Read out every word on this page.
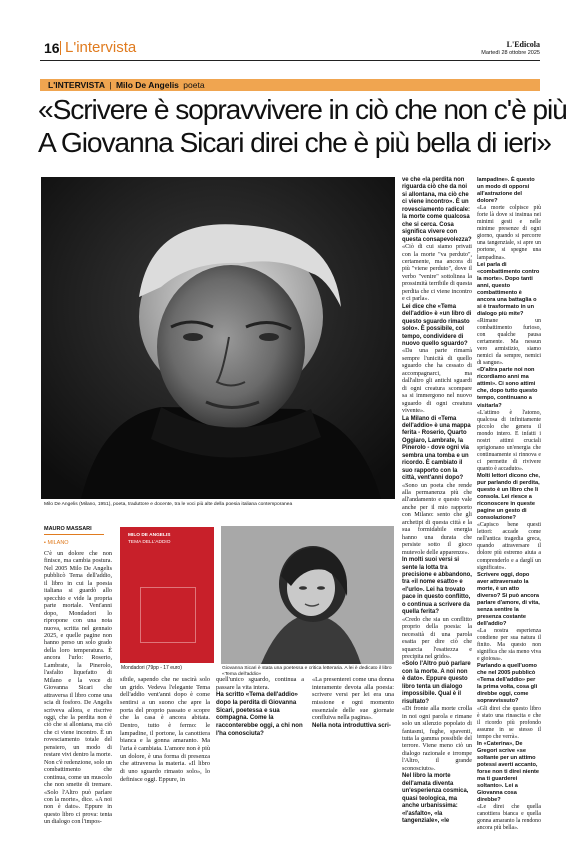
16 L'intervista	L'Edicola
Martedì 28 ottobre 2025
L'INTERVISTA | Milo De Angelis poeta
«Scrivere è sopravvivere in ciò che non c'è più
A Giovanna Sicari direi che è più bella di ieri»
Milo De Angelis (Milano, 1951), poeta, traduttore e docente, tra le voci più alte della poesia italiana contemporanea
MAURO MASSARI
▪ MILANO

C'è un dolore che non finisce, ma cambia postura. Nel 2005 Milo De Angelis pubblicò Tema dell'addio, il libro in cui la poesia italiana si guardò allo specchio e vide la propria parte mortale. Vent'anni dopo, Mondadori lo ripropone con una nota nuova, scritta nel gennaio 2025, e quelle pagine non hanno perso un solo grado della loro temperatura. È ancora l'urlo: Roserio, Lambrate, la Pinerolo, l'asfalto liquefatto di Milano e la voce di Giovanna Sicari che attraversa il libro come una scia di fosforo. De Angelis scriveva allora, e riscrive oggi, che la perdita non è ciò che si allontana, ma ciò che ci viene incontro. È un rovesciamento totale del pensiero, un modo di restare vivi dentro la morte. Non c'è redenzione, solo un combattimento che continua, come un muscolo che non smette di tremare. «Solo l'Altro può parlare con la morte», dice. «A noi non è dato». Eppure in questo libro ci prova: tenta un dialogo con l'impos-

MILO DE ANGELIS
TEMA DELL'ADDIO
Mondadori (79pp - 17 euro)	Giovanna Sicari è stata una poetessa e critica letteraria. A lei è dedicato il libro «Tema dell'addio»

sibile, sapendo che ne uscirà solo un grido. Vedeva l'elegante Tema dell'addio vent'anni dopo è come sentirsi a un suono che apre la porta del proprio passato e scopre che la casa è ancora abitata. Dentro, tutto è fermo: le lampadine, il portone, la canottiera bianca e la gonna amaranto. Ma l'aria è cambiata. L'amore non è più un dolore, è una forma di presenza che attraversa la materia. «Il libro di uno sguardo rimasto solo», lo definisce oggi. Eppure, in

quell'unico sguardo, continua a passare la vita intera.

Ha scritto «Tema dell'addio» dopo la perdita di Giovanna Sicari, poetessa e sua compagna. Come la racconterebbe oggi, a chi non l'ha conosciuta?

«La presenterei come una donna interamente devota alla poesia: scrivere versi per lei era una missione e ogni momento essenziale delle sue giornate confluiva nella pagina».

Nella nota introduttiva scri-

ve che «la perdita non riguarda ciò che da noi si allontana, ma ciò che ci viene incontro». È un rovesciamento radicale: la morte come qualcosa che si cerca. Cosa significa vivere con questa consapevolezza?

«Ciò di cui siamo privati con la morte "va perduto", certamente, ma ancora di più "viene perduto", dove il verbo "venire" sottolinea la prossimità terribile di questa perdita che ci viene incontro e ci parla».

Lei dice che «Tema dell'addio» è «un libro di questo sguardo rimasto solo». È possibile, col tempo, condividere di nuovo quello sguardo?

«Da una parte rimarrà sempre l'unicità di quello sguardo che ha cessato di accompagnarci, ma dall'altro gli antichi sguardi di ogni creatura scompare sa si immergono nel nuovo sguardo di ogni creatura vivente».

La Milano di «Tema dell'addio» è una mappa ferita - Roserio, Quarto Oggiaro, Lambrate, la Pinerolo - dove ogni via sembra una tomba e un ricordo. È cambiato il suo rapporto con la città, vent'anni dopo?

«Sono un poeta che rende alla permanenza più che all'andamento e questo vale anche per il mio rapporto con Milano: sento che gli archetipi di questa città e la sua formidabile energia hanno una durata che persiste sotto il gioco mutevole delle apparenze».

In molti suoi versi si sente la lotta tra precisione e abbandono, tra «il nome esatto» e «l'urlo». Lei ha trovato pace in questo conflitto, o continua a scrivere da quella ferita?

«Credo che sia un conflitto proprio della poesia: la necessità di una parola esatta per dire ciò che squarcia l'esattezza e precipita nel grido».

«Solo l'Altro può parlare con la morte. A noi non è dato». Eppure questo libro tenta un dialogo impossibile. Qual è il risultato?

«Di fronte alla morte crolla in noi ogni parola e rimane solo un silenzio popolato di fantasmi, fughe, spaventi, tutta la gamma possibile del terrore. Viene meno ciò un dialogo razionale e irrompe l'Altro, il grande sconosciuto».

Nel libro la morte dell'amata diventa un'esperienza cosmica, quasi teologica, ma anche urbanissima: «l'asfalto», «la tangenziale», «le

lampadine». È questo un modo di opporsi all'astrazione del dolore?

«La morte colpisce più forte là dove si insinua nei minimi gesti e nelle minime presenze di ogni giorno, quando si percorre una tangenziale, si apre un portone, si spegne una lampadina».

Lei parla di «combattimento contro la morte». Dopo tanti anni, questo combattimento è ancora una battaglia o si è trasformato in un dialogo più mite?

«Rimane un combattimento furioso, con qualche pausa certamente. Ma nessun vero armistizio, siamo nemici da sempre, nemici di sangue».

«D'altra parte noi non ricordiamo anni ma attimi». Ci sono attimi che, dopo tutto questo tempo, continuano a visitarla?

«L'attimo è l'atomo, qualcosa di infinitamente piccolo che genera il mondo intero. E infatti i nostri attimi cruciali sprigionano un'energia che continuamente si rinnova e ci permette di rivivere quanto è accaduto».

Molti lettori dicono che, pur parlando di perdita, questo è un libro che li consola. Lei riesce a riconoscere in queste pagine un gesto di consolazione?

«Capisco bene questi lettori: accade come nell'antica tragedia greca, quando attraversare il dolore più estremo aiuta a comprenderlo e a darglí un significato».

Scrivere oggi, dopo aver attraversato la morte, è un atto diverso? Si può ancora parlare d'amore, di vita, senza sentire la presenza costante dell'addio?

«La nostra esperienza condiene per sua natura il finito. Ma questo non significa che sia meno viva e gioiosa».

Parlando a quell'uomo che nel 2005 pubblicò «Tema dell'addio» per la prima volta, cosa gli direbbe oggi, come sopravvissuto?

«Gli direi che questo libro è stato una rinascita e che il ricordo più profondo assume in se stesso il tempo che verrà».

In «Caterina», De Gregori scrive «se soltante per un attimo potessi averti accanto, forse non ti direi niente ma ti guarderei soltanto». Lei a Giovanna cosa direbbe?

«Le direi che quella canottiera bianca e quella gonna amaranto la rendono ancora più bella».
